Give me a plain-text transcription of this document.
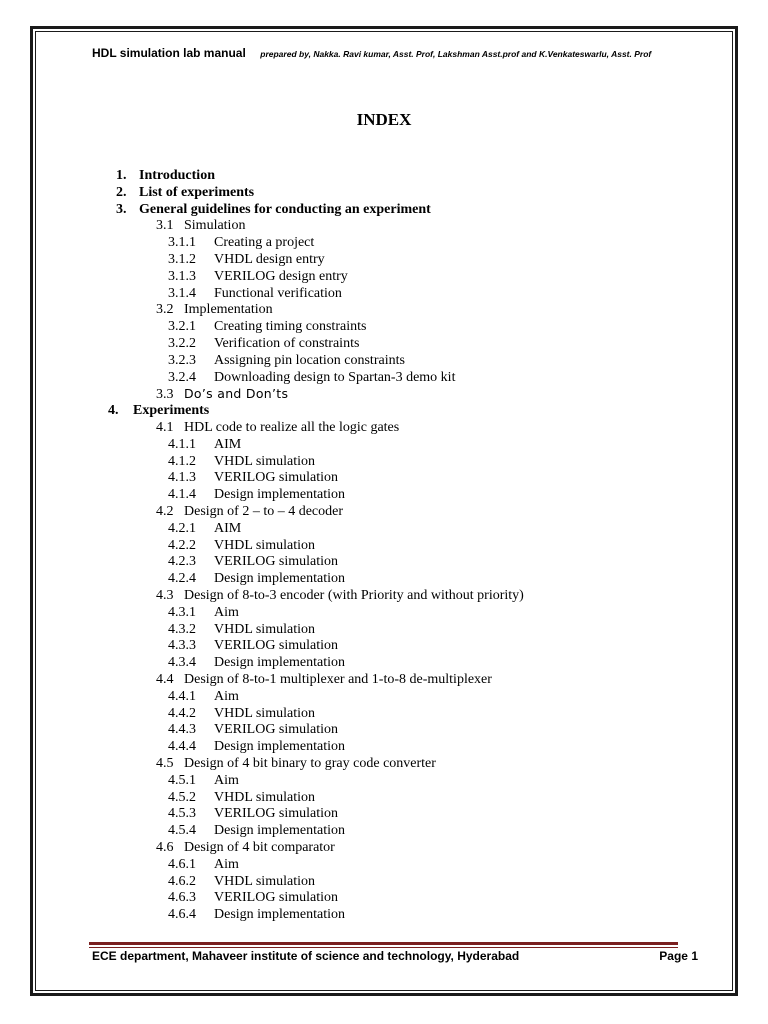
HDL simulation lab manual prepared by, Nakka. Ravi kumar, Asst. Prof, Lakshman Asst.prof and K.Venkateswarlu, Asst. Prof
INDEX
1. Introduction
2. List of experiments
3. General guidelines for conducting an experiment
3.1 Simulation
3.1.1 Creating a project
3.1.2 VHDL design entry
3.1.3 VERILOG design entry
3.1.4 Functional verification
3.2 Implementation
3.2.1 Creating timing constraints
3.2.2 Verification of constraints
3.2.3 Assigning pin location constraints
3.2.4 Downloading design to Spartan-3 demo kit
3.3 Do’s and Don’ts
4. Experiments
4.1 HDL code to realize all the logic gates
4.1.1 AIM
4.1.2 VHDL simulation
4.1.3 VERILOG simulation
4.1.4 Design implementation
4.2 Design of 2 – to – 4 decoder
4.2.1 AIM
4.2.2 VHDL simulation
4.2.3 VERILOG simulation
4.2.4 Design implementation
4.3 Design of 8-to-3 encoder (with Priority and without priority)
4.3.1 Aim
4.3.2 VHDL simulation
4.3.3 VERILOG simulation
4.3.4 Design implementation
4.4 Design of 8-to-1 multiplexer and 1-to-8 de-multiplexer
4.4.1 Aim
4.4.2 VHDL simulation
4.4.3 VERILOG simulation
4.4.4 Design implementation
4.5 Design of 4 bit binary to gray code converter
4.5.1 Aim
4.5.2 VHDL simulation
4.5.3 VERILOG simulation
4.5.4 Design implementation
4.6 Design of 4 bit comparator
4.6.1 Aim
4.6.2 VHDL simulation
4.6.3 VERILOG simulation
4.6.4 Design implementation
ECE department, Mahaveer institute of science and technology, Hyderabad	Page 1
